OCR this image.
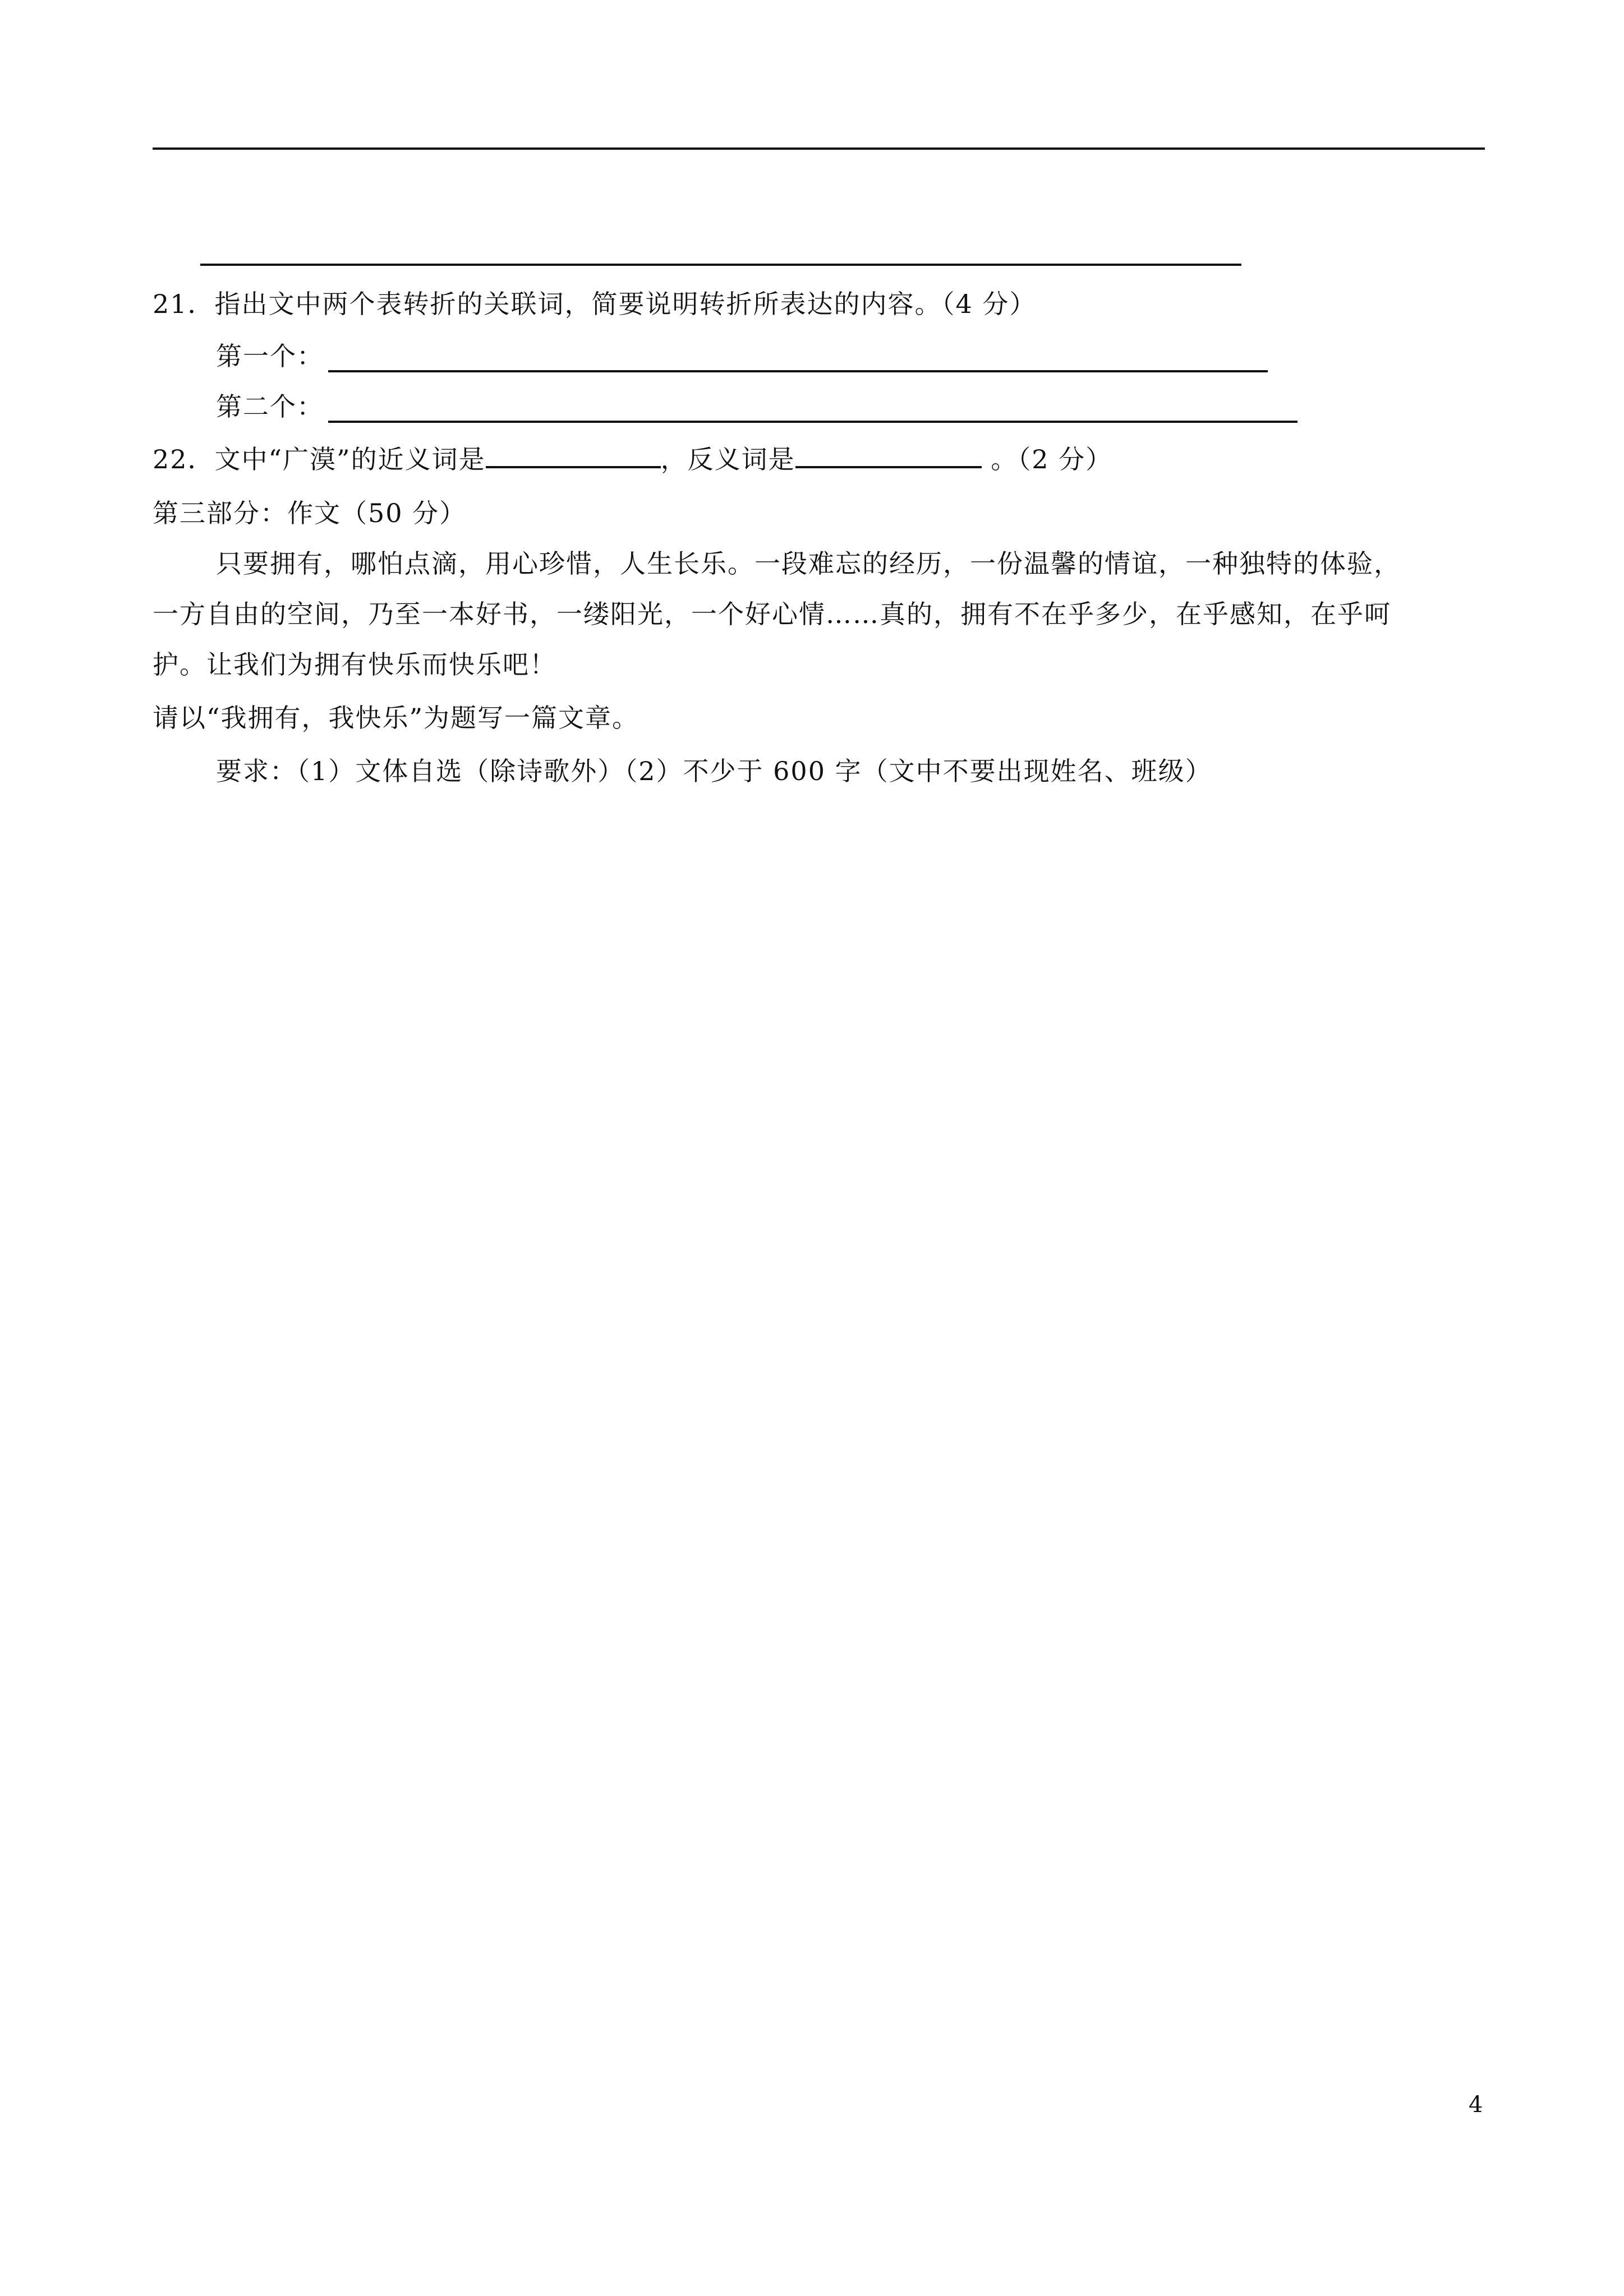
21．指出文中两个表转折的关联词，简要说明转折所表达的内容。（4 分）
第一个：
第二个：
22．文中“广漠”的近义词是	，反义词是	。（2 分）
第三部分：作文（50 分）
只要拥有，哪怕点滴，用心珍惜，人生长乐。一段难忘的经历，一份温馨的情谊，一种独特的体验，
一方自由的空间，乃至一本好书，一缕阳光，一个好心情……真的，拥有不在乎多少，在乎感知，在乎呵
护。让我们为拥有快乐而快乐吧！
请以“我拥有，我快乐”为题写一篇文章。
要求：（1）文体自选（除诗歌外）（2）不少于 600 字（文中不要出现姓名、班级）
4
